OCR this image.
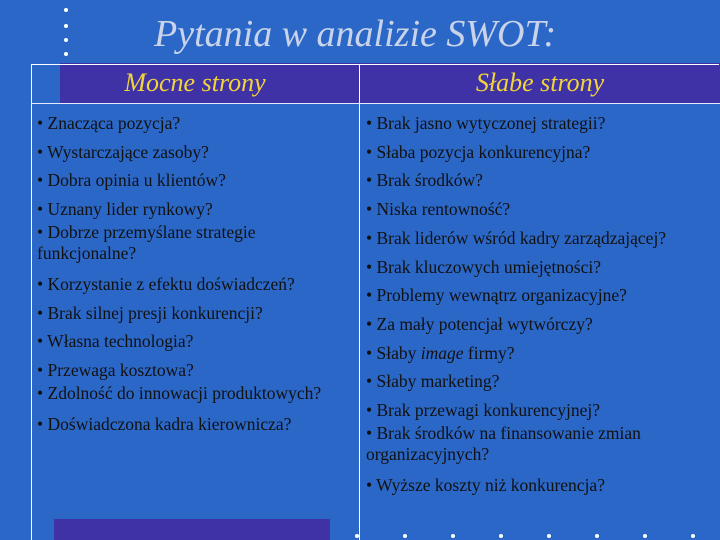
Pytania w analizie SWOT:
Mocne strony	Słabe strony
• Znacząca pozycja?
• Wystarczające zasoby?
• Dobra opinia u klientów?
• Uznany lider rynkowy?
• Dobrze przemyślane strategie funkcjonalne?
• Korzystanie z efektu doświadczeń?
• Brak silnej presji konkurencji?
• Własna technologia?
• Przewaga kosztowa?
• Zdolność do innowacji produktowych?
• Doświadczona kadra kierownicza?
• Brak jasno wytyczonej strategii?
• Słaba pozycja konkurencyjna?
• Brak środków?
• Niska rentowność?
• Brak liderów wśród kadry zarządzającej?
• Brak kluczowych umiejętności?
• Problemy wewnątrz organizacyjne?
• Za mały potencjał wytwórczy?
• Słaby image firmy?
• Słaby marketing?
• Brak przewagi konkurencyjnej?
• Brak środków na finansowanie zmian organizacyjnych?
• Wyższe koszty niż konkurencja?
